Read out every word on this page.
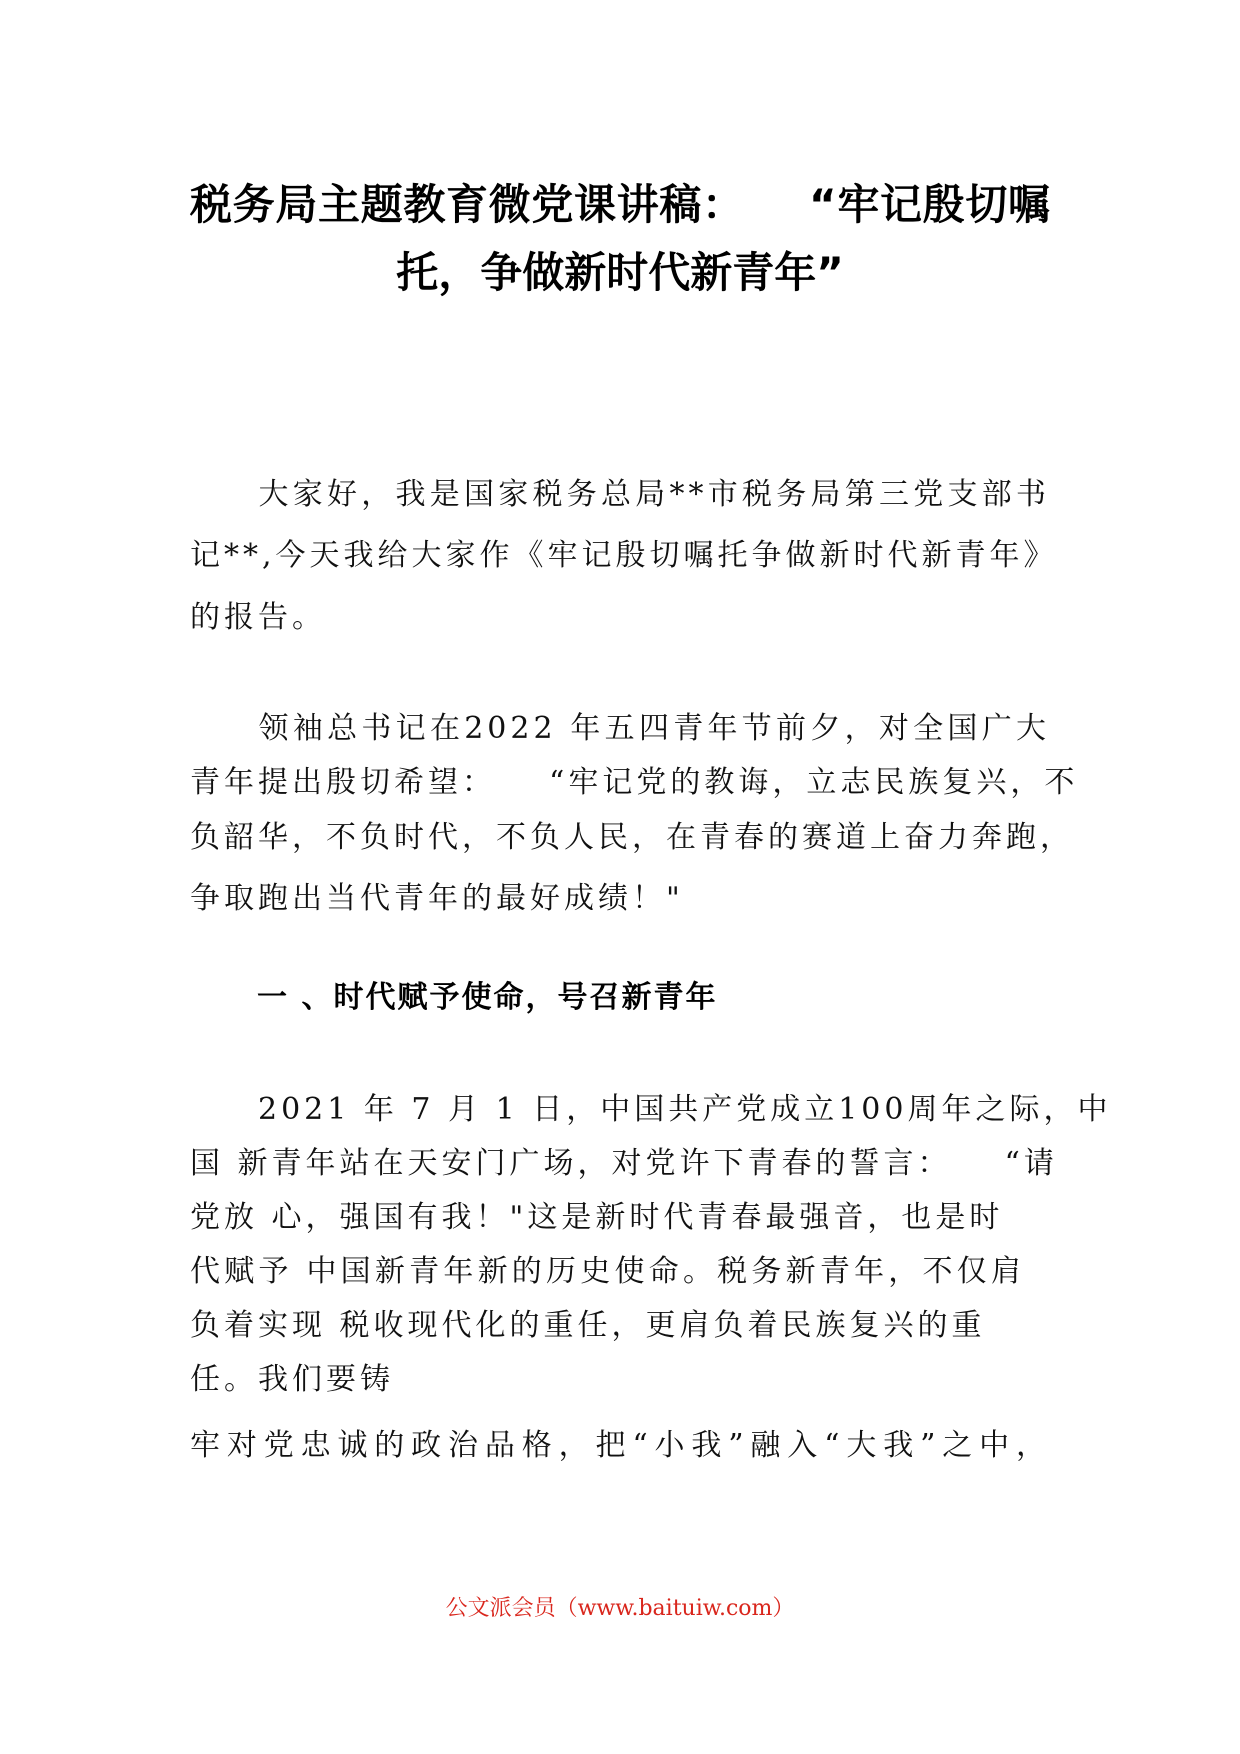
税务局主题教育微党课讲稿：　　“牢记殷切嘱
托，争做新时代新青年”
　　大家好，我是国家税务总局**市税务局第三党支部书
记**,今天我给大家作《牢记殷切嘱托争做新时代新青年》
的报告。
　　领袖总书记在2022 年五四青年节前夕，对全国广大
青年提出殷切希望：　　“牢记党的教诲，立志民族复兴，不
负韶华，不负时代，不负人民，在青春的赛道上奋力奔跑，
争取跑出当代青年的最好成绩！"
一 、时代赋予使命，号召新青年
　　2021 年 7 月 1 日，中国共产党成立100周年之际，中
国 新青年站在天安门广场，对党许下青春的誓言：　　“请
党放 心，强国有我！"这是新时代青春最强音，也是时
代赋予 中国新青年新的历史使命。税务新青年，不仅肩
负着实现 税收现代化的重任，更肩负着民族复兴的重
任。我们要铸
牢对党忠诚的政治品格，把“小我”融入“大我”之中，
公文派会员（www.baituiw.com）
